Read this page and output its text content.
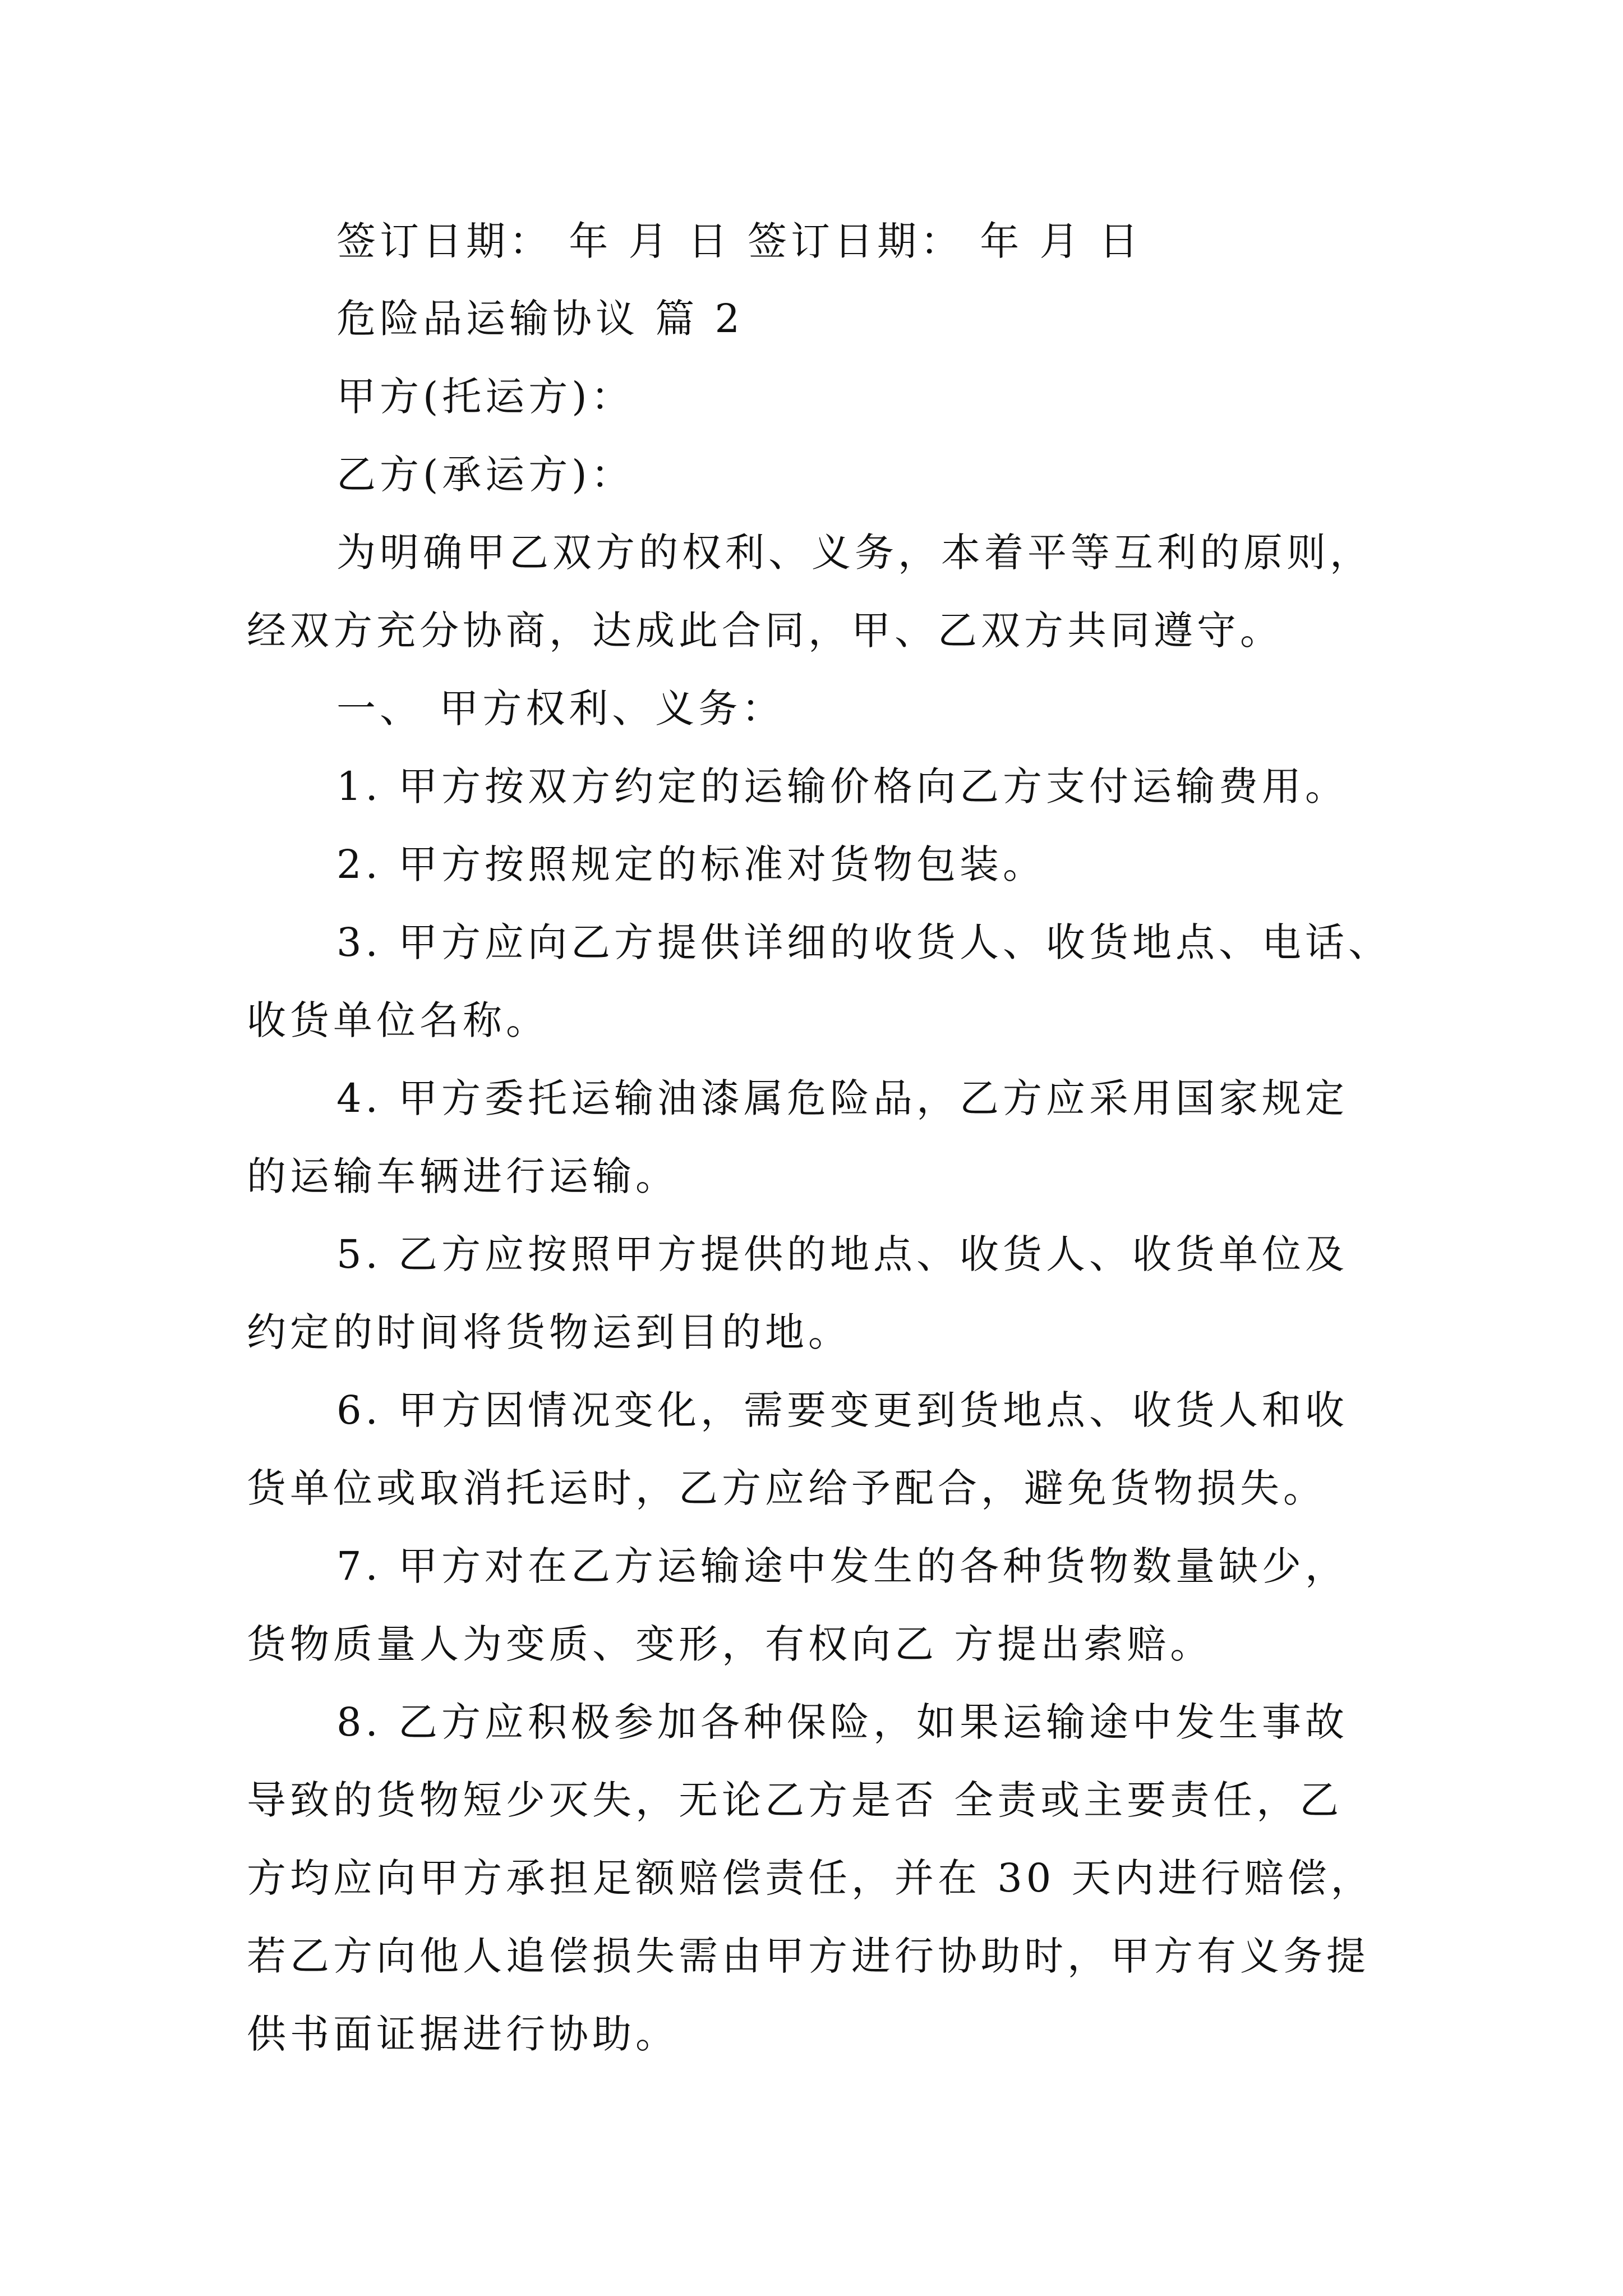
签订日期： 年 月 日 签订日期： 年 月 日
危险品运输协议 篇 2
甲方(托运方)：
乙方(承运方)：
为明确甲乙双方的权利、义务，本着平等互利的原则，
经双方充分协商，达成此合同，甲、乙双方共同遵守。
一、 甲方权利、义务：
1. 甲方按双方约定的运输价格向乙方支付运输费用。
2. 甲方按照规定的标准对货物包装。
3. 甲方应向乙方提供详细的收货人、收货地点、电话、
收货单位名称。
4. 甲方委托运输油漆属危险品，乙方应采用国家规定
的运输车辆进行运输。
5. 乙方应按照甲方提供的地点、收货人、收货单位及
约定的时间将货物运到目的地。
6. 甲方因情况变化，需要变更到货地点、收货人和收
货单位或取消托运时，乙方应给予配合，避免货物损失。
7. 甲方对在乙方运输途中发生的各种货物数量缺少，
货物质量人为变质、变形，有权向乙 方提出索赔。
8. 乙方应积极参加各种保险，如果运输途中发生事故
导致的货物短少灭失，无论乙方是否 全责或主要责任，乙
方均应向甲方承担足额赔偿责任，并在 30 天内进行赔偿，
若乙方向他人追偿损失需由甲方进行协助时，甲方有义务提
供书面证据进行协助。
